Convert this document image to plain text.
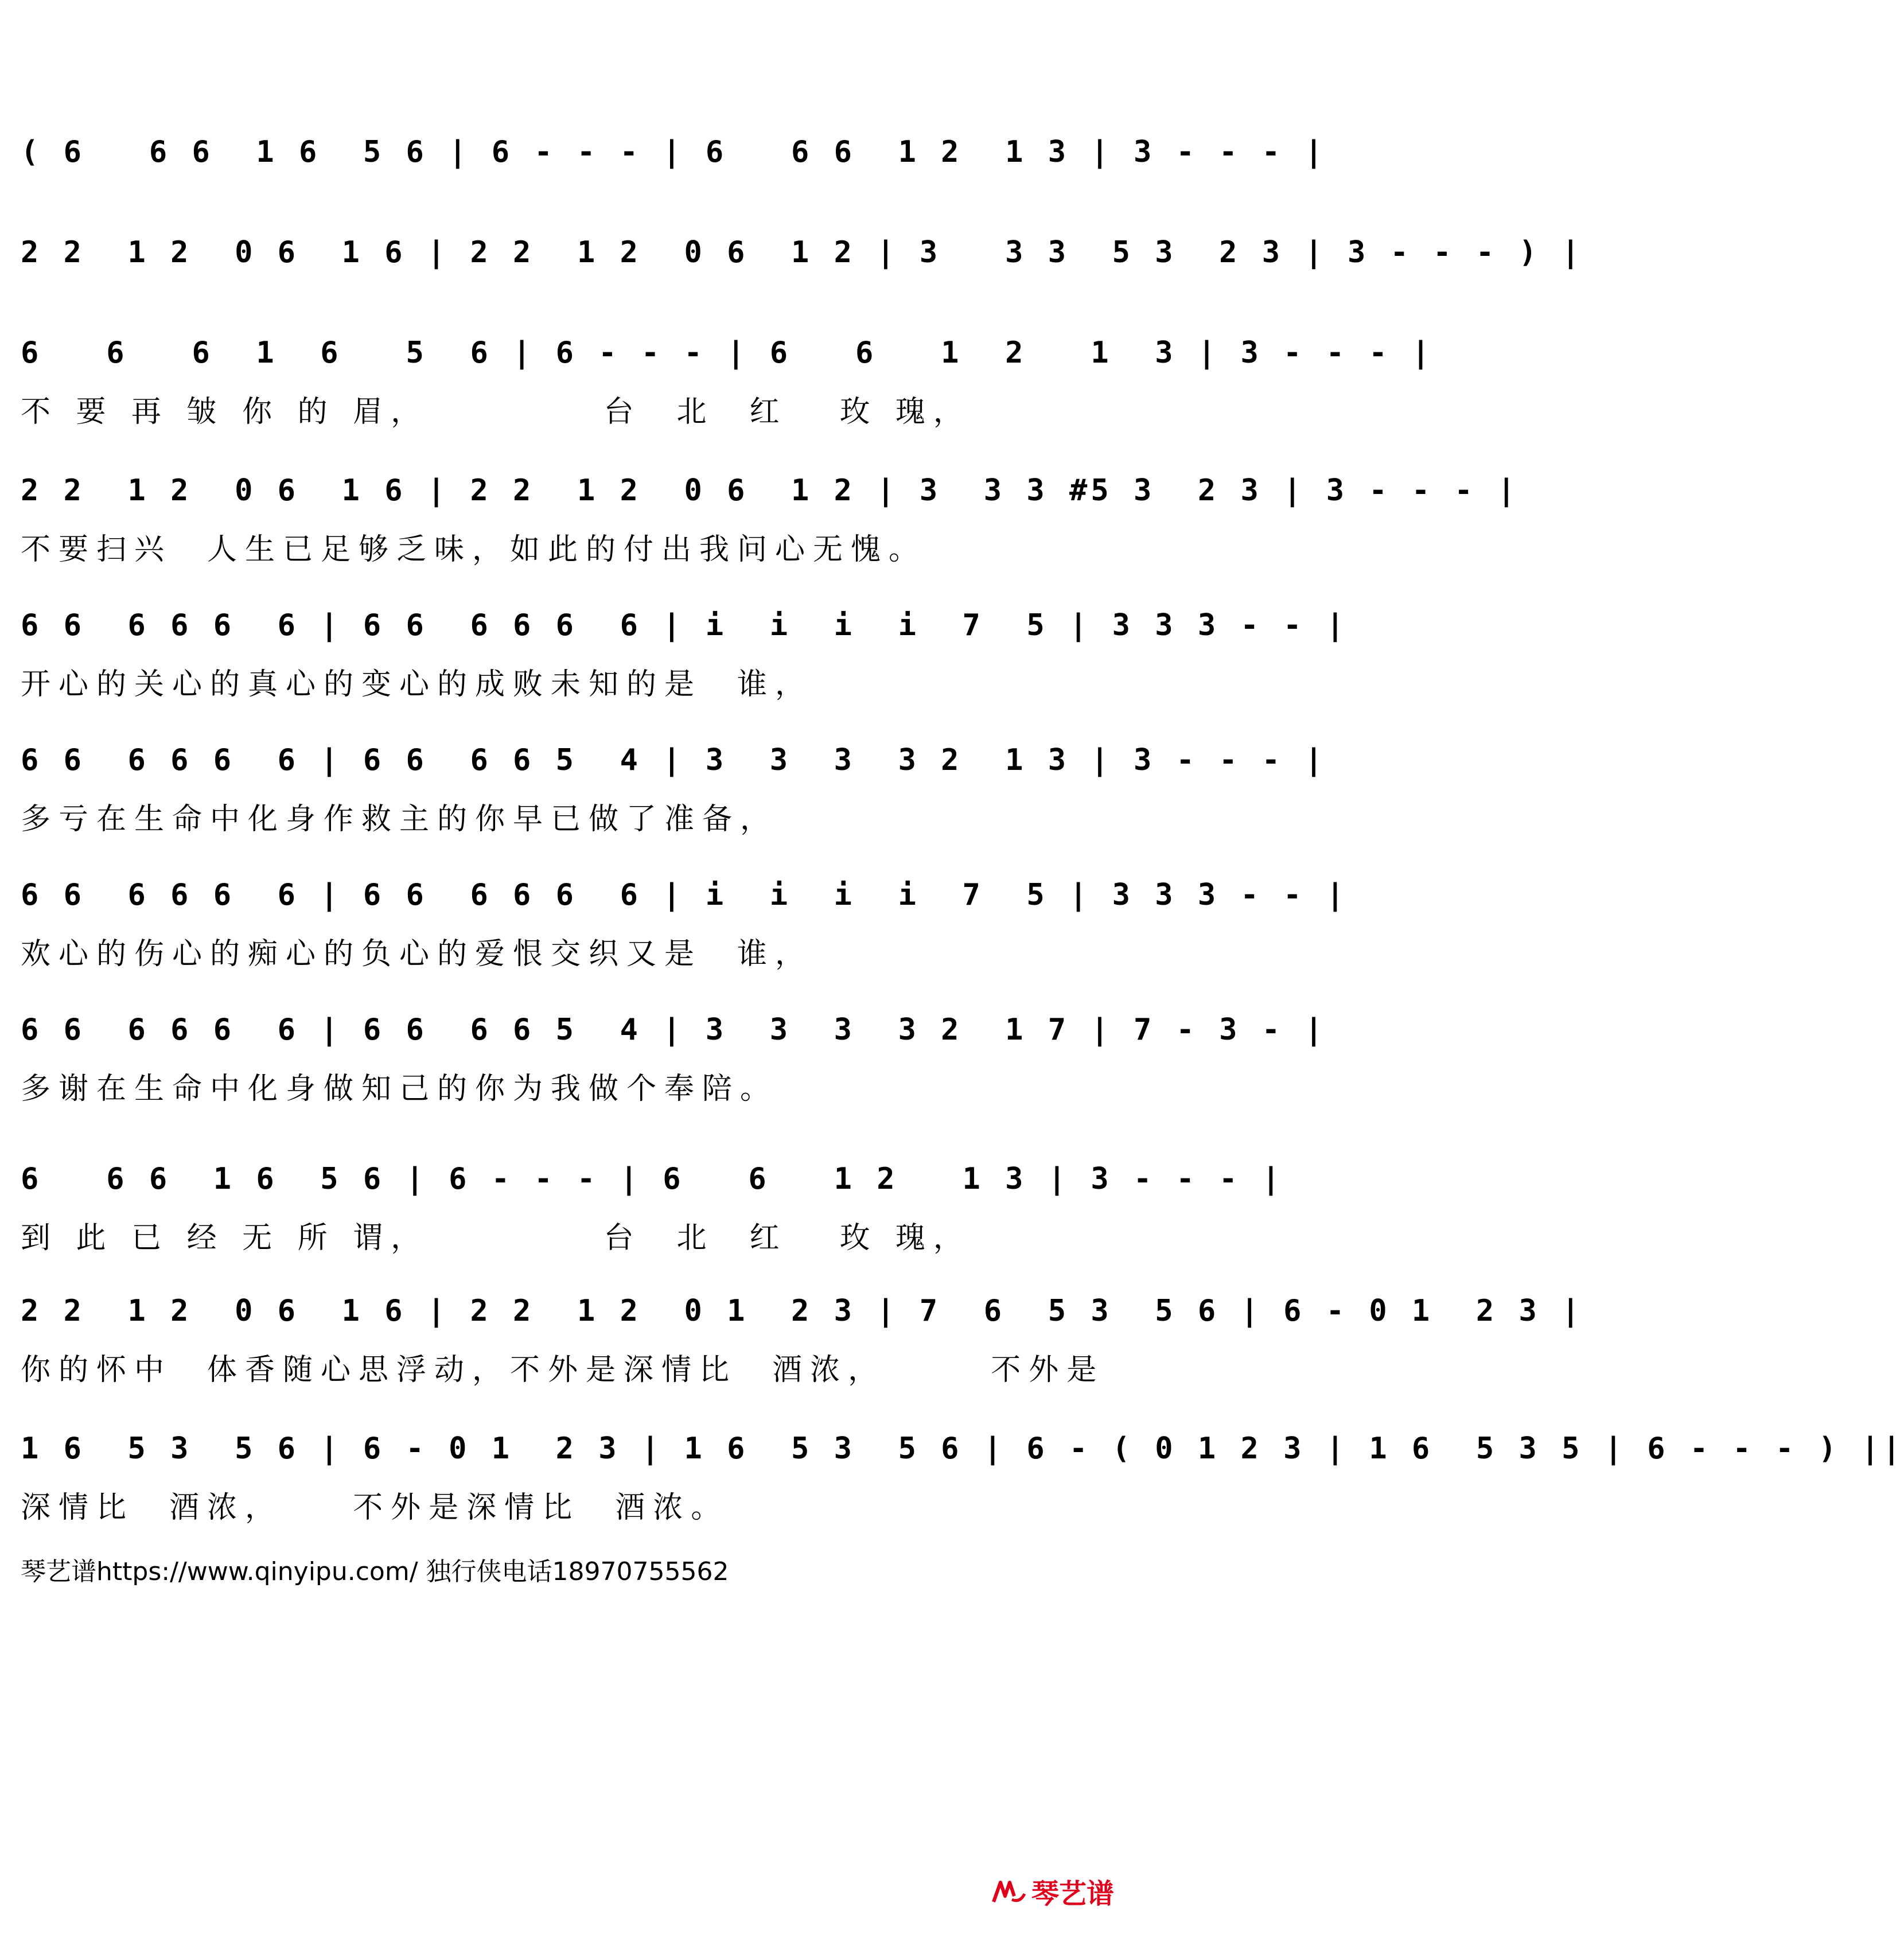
( 6   6 6  1 6  5 6 | 6 - - - | 6   6 6  1 2  1 3 | 3 - - - |
2 2  1 2  0 6  1 6 | 2 2  1 2  0 6  1 2 | 3   3 3  5 3  2 3 | 3 - - - ) |
6   6   6  1  6   5  6 | 6 - - - | 6   6   1  2   1  3 | 3 - - - |
不 要 再 皱 你 的 眉，          台  北  红   玫 瑰，
2 2  1 2  0 6  1 6 | 2 2  1 2  0 6  1 2 | 3  3 3 #5 3  2 3 | 3 - - - |
不要扫兴  人生已足够乏味，如此的付出我问心无愧。
6 6  6 6 6  6 | 6 6  6 6 6  6 | i  i  i  i  7  5 | 3 3 3 - - |
开心的关心的真心的变心的成败未知的是  谁，
6 6  6 6 6  6 | 6 6  6 6 5  4 | 3  3  3  3 2  1 3 | 3 - - - |
多亏在生命中化身作救主的你早已做了准备，
6 6  6 6 6  6 | 6 6  6 6 6  6 | i  i  i  i  7  5 | 3 3 3 - - |
欢心的伤心的痴心的负心的爱恨交织又是  谁，
6 6  6 6 6  6 | 6 6  6 6 5  4 | 3  3  3  3 2  1 7 | 7 - 3 - |
多谢在生命中化身做知己的你为我做个奉陪。
6   6 6  1 6  5 6 | 6 - - - | 6   6   1 2   1 3 | 3 - - - |
到 此 已 经 无 所 谓，          台  北  红   玫 瑰，
2 2  1 2  0 6  1 6 | 2 2  1 2  0 1  2 3 | 7  6  5 3  5 6 | 6 - 0 1  2 3 |
你的怀中  体香随心思浮动，不外是深情比  酒浓，      不外是
1 6  5 3  5 6 | 6 - 0 1  2 3 | 1 6  5 3  5 6 | 6 - ( 0 1 2 3 | 1 6  5 3 5 | 6 - - - ) ||
深情比  酒浓，    不外是深情比  酒浓。
琴艺谱https://www.qinyipu.com/ 独行侠电话18970755562
琴艺谱
